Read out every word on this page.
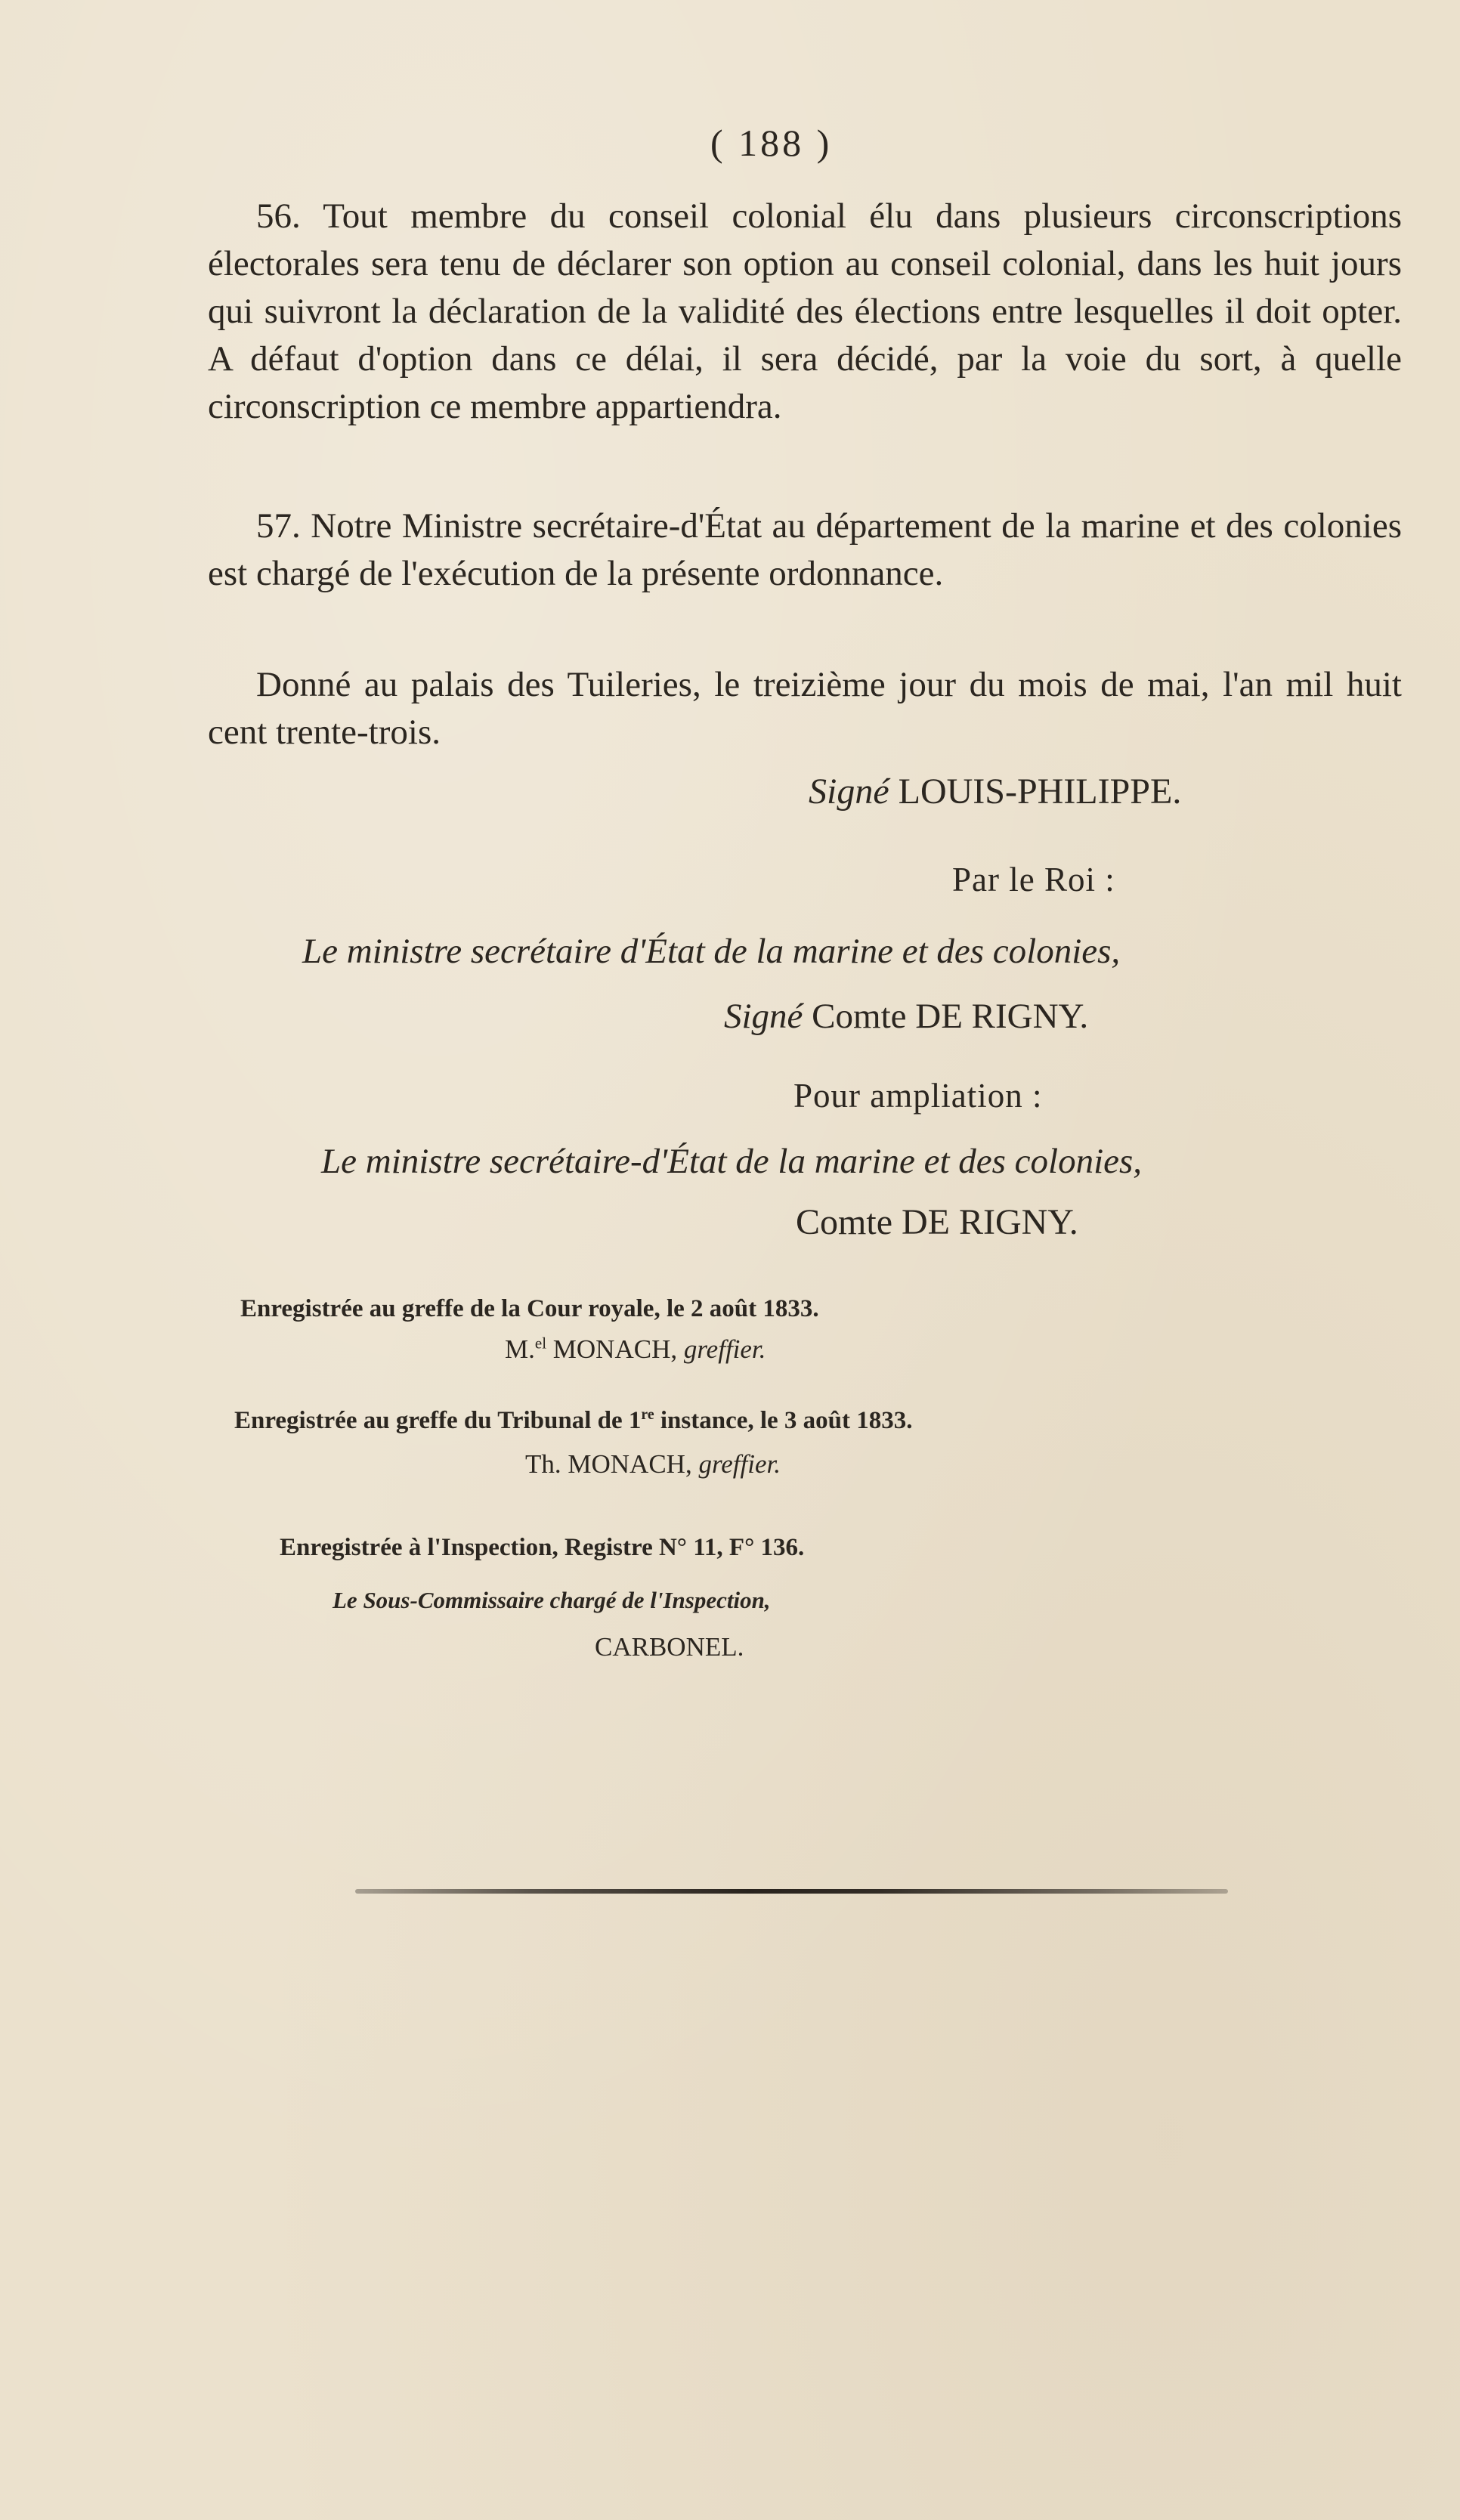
( 188 )

56. Tout membre du conseil colonial élu dans plusieurs circonscriptions électorales sera tenu de déclarer son option au conseil colonial, dans les huit jours qui suivront la déclaration de la validité des élections entre lesquelles il doit opter. A défaut d'option dans ce délai, il sera décidé, par la voie du sort, à quelle circonscription ce membre appartiendra.

57. Notre Ministre secrétaire-d'État au département de la marine et des colonies est chargé de l'exécution de la présente ordonnance.

Donné au palais des Tuileries, le treizième jour du mois de mai, l'an mil huit cent trente-trois.

Signé LOUIS-PHILIPPE.
Par le Roi :
Le ministre secrétaire d'État de la marine et des colonies,
Signé Comte DE RIGNY.
Pour ampliation :
Le ministre secrétaire-d'État de la marine et des colonies,
Comte DE RIGNY.
Enregistrée au greffe de la Cour royale, le 2 août 1833.
M.$^{el}$ MONACH, greffier.
Enregistrée au greffe du Tribunal de 1re instance, le 3 août 1833.
Th. MONACH, greffier.
Enregistrée à l'Inspection, Registre N° 11, F° 136.
Le Sous-Commissaire chargé de l'Inspection,
CARBONEL.
